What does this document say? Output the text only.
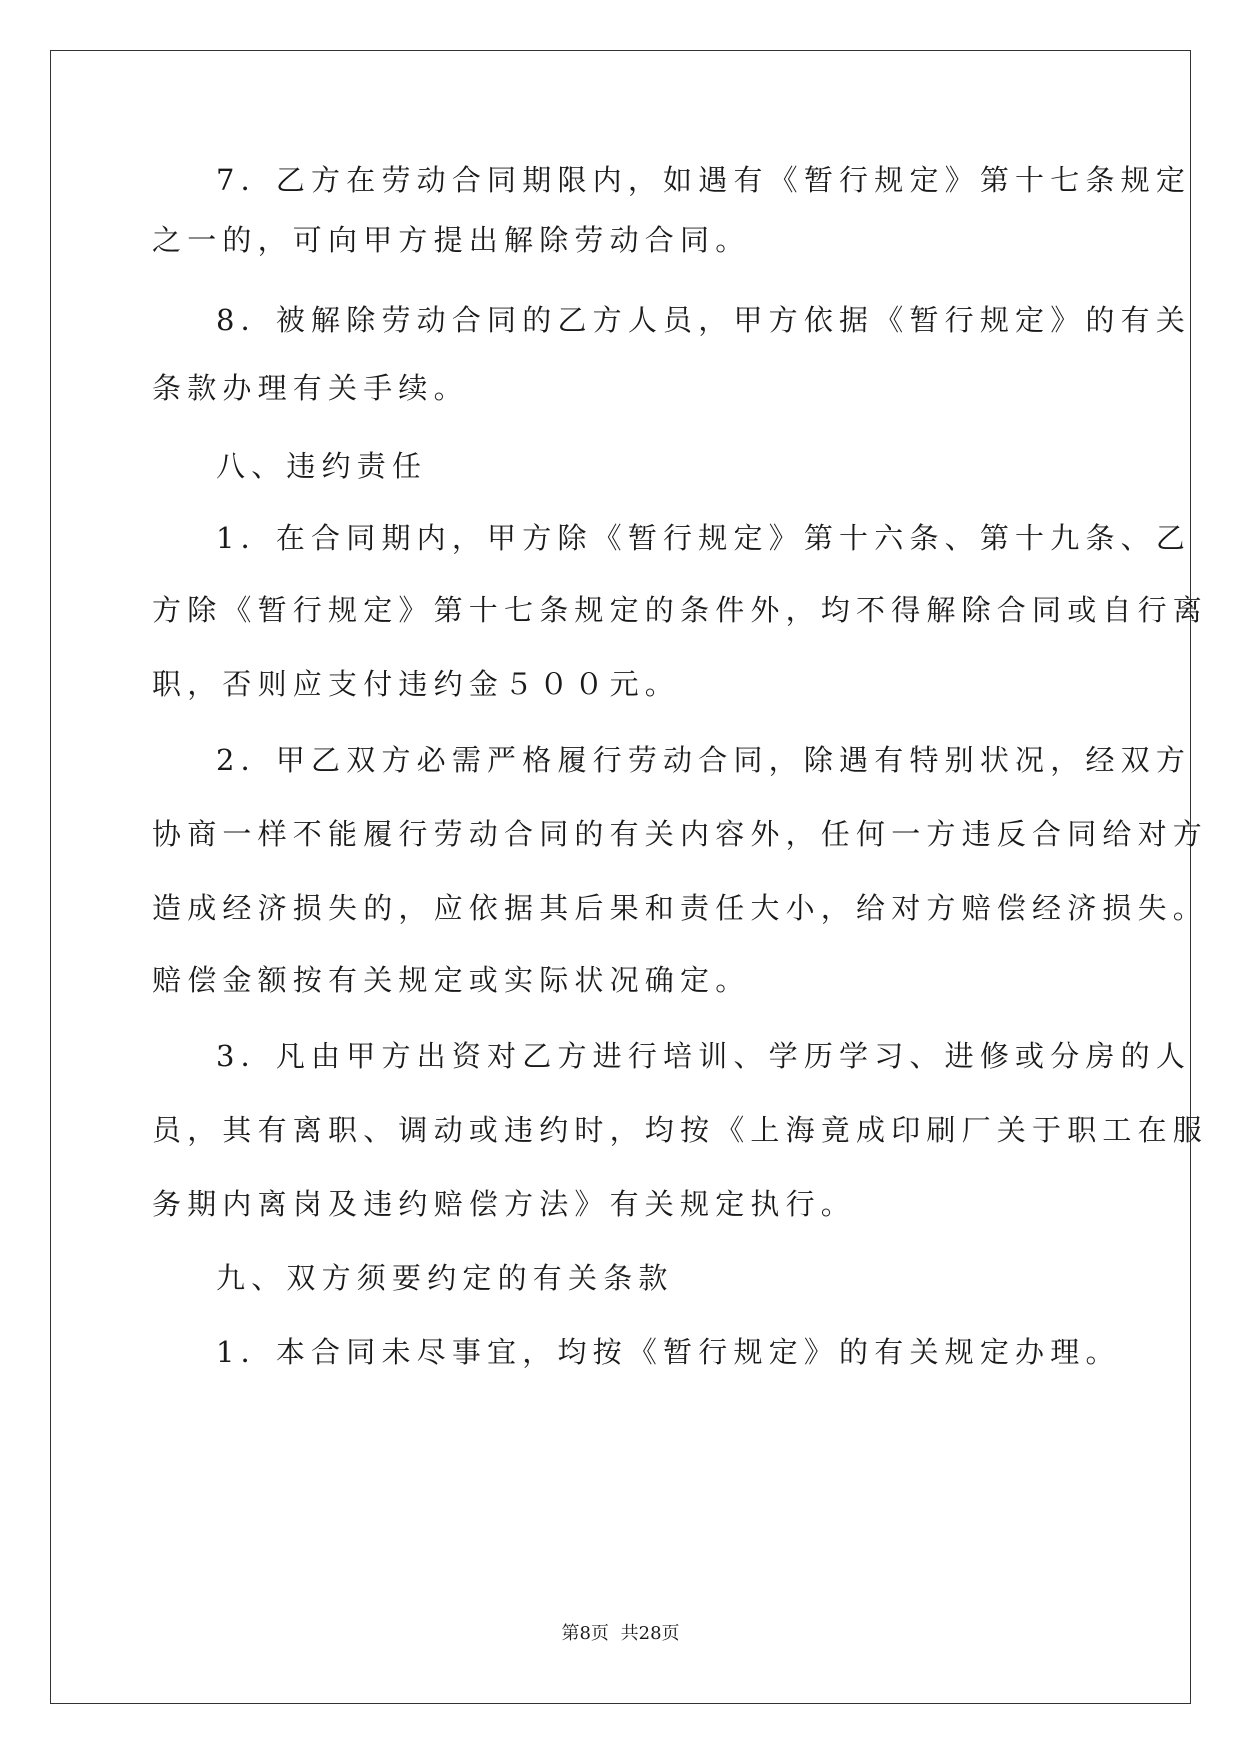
7．乙方在劳动合同期限内，如遇有《暂行规定》第十七条规定
之一的，可向甲方提出解除劳动合同。
8．被解除劳动合同的乙方人员，甲方依据《暂行规定》的有关
条款办理有关手续。
八、违约责任
1．在合同期内，甲方除《暂行规定》第十六条、第十九条、乙
方除《暂行规定》第十七条规定的条件外，均不得解除合同或自行离
职，否则应支付违约金５００元。
2．甲乙双方必需严格履行劳动合同，除遇有特别状况，经双方
协商一样不能履行劳动合同的有关内容外，任何一方违反合同给对方
造成经济损失的，应依据其后果和责任大小，给对方赔偿经济损失。
赔偿金额按有关规定或实际状况确定。
3．凡由甲方出资对乙方进行培训、学历学习、进修或分房的人
员，其有离职、调动或违约时，均按《上海竟成印刷厂关于职工在服
务期内离岗及违约赔偿方法》有关规定执行。
九、双方须要约定的有关条款
1．本合同未尽事宜，均按《暂行规定》的有关规定办理。
第8页 共28页
